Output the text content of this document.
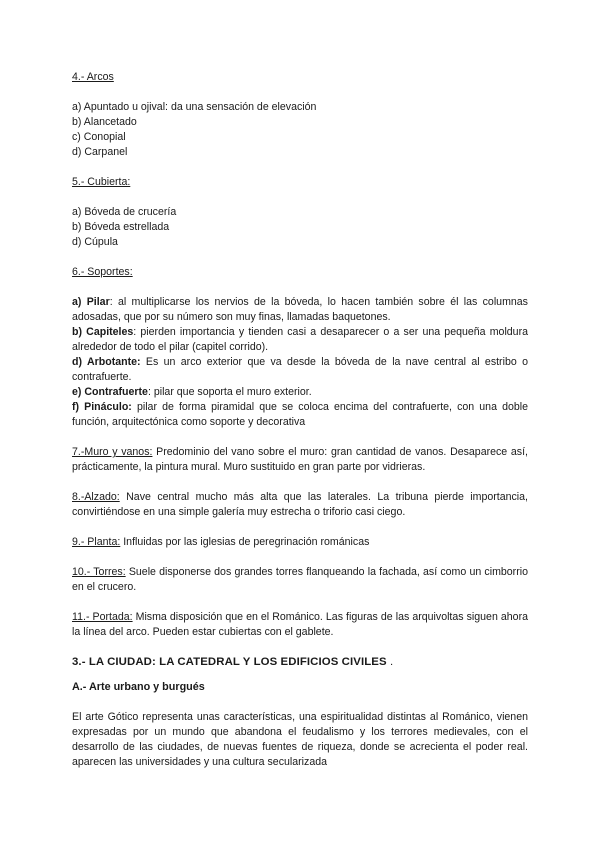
4.- Arcos

a) Apuntado u ojival: da una sensación de elevación

b) Alancetado

c) Conopial

d) Carpanel

5.- Cubierta:

a) Bóveda de crucería

b) Bóveda estrellada

d) Cúpula

6.- Soportes:

a) Pilar: al multiplicarse los nervios de la bóveda, lo hacen también sobre él las columnas adosadas, que por su número son muy finas, llamadas baquetones.

b) Capiteles: pierden importancia y tienden casi a desaparecer o a ser una pequeña moldura alrededor de todo el pilar (capitel corrido).

d) Arbotante: Es un arco exterior que va desde la bóveda de la nave central al estribo o contrafuerte.

e) Contrafuerte: pilar que soporta el muro exterior.

f) Pináculo: pilar de forma piramidal que se coloca encima del contrafuerte, con una doble función, arquitectónica como soporte y decorativa

7.-Muro y vanos: Predominio del vano sobre el muro: gran cantidad de vanos. Desaparece así, prácticamente, la pintura mural. Muro sustituido en gran parte por vidrieras.

8.-Alzado: Nave central mucho más alta que las laterales. La tribuna pierde importancia, convirtiéndose en una simple galería muy estrecha o triforio casi ciego.

9.- Planta: Influidas por las iglesias de peregrinación románicas

10.- Torres: Suele disponerse dos grandes torres flanqueando la fachada, así como un cimborrio en el crucero.

11.- Portada: Misma disposición que en el Románico. Las figuras de las arquivoltas siguen ahora la línea del arco. Pueden estar cubiertas con el gablete.

3.- LA CIUDAD: LA CATEDRAL Y LOS EDIFICIOS CIVILES .

A.- Arte urbano y burgués

El arte Gótico representa unas características, una espiritualidad distintas al Románico, vienen expresadas por un mundo que abandona el feudalismo y los terrores medievales, con el desarrollo de las ciudades, de nuevas fuentes de riqueza, donde se acrecienta el poder real. aparecen las universidades y una cultura secularizada
